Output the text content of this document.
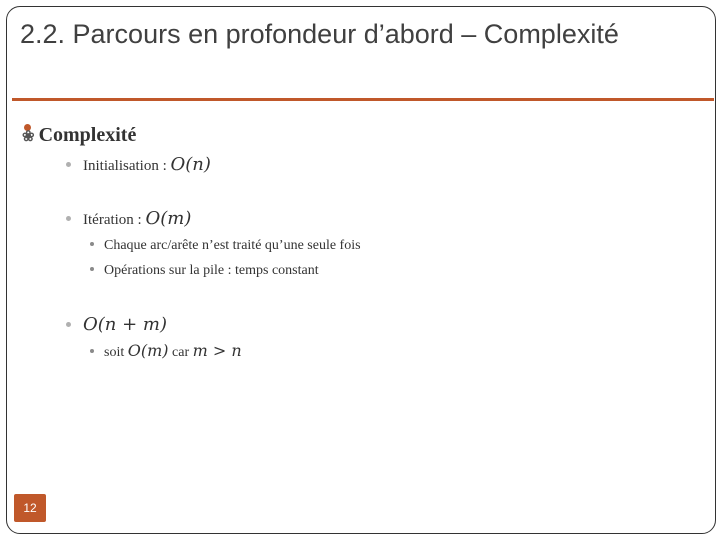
2.2. Parcours en profondeur d’abord – Complexité
❀ Complexité
Initialisation : O(n)
Itération : O(m)
Chaque arc/arête n’est traité qu’une seule fois
Opérations sur la pile : temps constant
O(n + m)
soit O(m) car m > n
12
